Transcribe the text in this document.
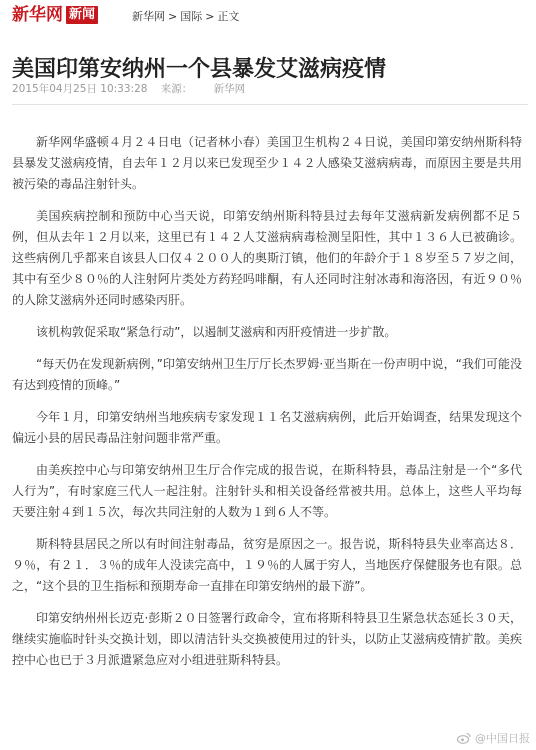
新华网 新闻	新华网 > 国际 > 正文
美国印第安纳州一个县暴发艾滋病疫情
2015年04月25日 10:33:28 来源： 新华网

新华网华盛顿４月２４日电（记者林小春）美国卫生机构２４日说，美国印第安纳州斯科特县暴发艾滋病疫情，自去年１２月以来已发现至少１４２人感染艾滋病病毒，而原因主要是共用被污染的毒品注射针头。

美国疾病控制和预防中心当天说，印第安纳州斯科特县过去每年艾滋病新发病例都不足５例，但从去年１２月以来，这里已有１４２人艾滋病病毒检测呈阳性，其中１３６人已被确诊。这些病例几乎都来自该县人口仅４２００人的奥斯汀镇，他们的年龄介于１８岁至５７岁之间，其中有至少８０％的人注射阿片类处方药羟吗啡酮，有人还同时注射冰毒和海洛因，有近９０％的人除艾滋病外还同时感染丙肝。

该机构敦促采取“紧急行动”，以遏制艾滋病和丙肝疫情进一步扩散。

“每天仍在发现新病例，”印第安纳州卫生厅厅长杰罗姆·亚当斯在一份声明中说，“我们可能没有达到疫情的顶峰。”

今年１月，印第安纳州当地疾病专家发现１１名艾滋病病例，此后开始调查，结果发现这个偏远小县的居民毒品注射问题非常严重。

由美疾控中心与印第安纳州卫生厅合作完成的报告说，在斯科特县，毒品注射是一个“多代人行为”，有时家庭三代人一起注射。注射针头和相关设备经常被共用。总体上，这些人平均每天要注射４到１５次，每次共同注射的人数为１到６人不等。

斯科特县居民之所以有时间注射毒品，贫穷是原因之一。报告说，斯科特县失业率高达８．９％，有２１．３％的成年人没读完高中，１９％的人属于穷人，当地医疗保健服务也有限。总之，“这个县的卫生指标和预期寿命一直排在印第安纳州的最下游”。

印第安纳州州长迈克·彭斯２０日签署行政命令，宣布将斯科特县卫生紧急状态延长３０天，继续实施临时针头交换计划，即以清洁针头交换被使用过的针头，以防止艾滋病疫情扩散。美疾控中心也已于３月派遣紧急应对小组进驻斯科特县。

@中国日报
